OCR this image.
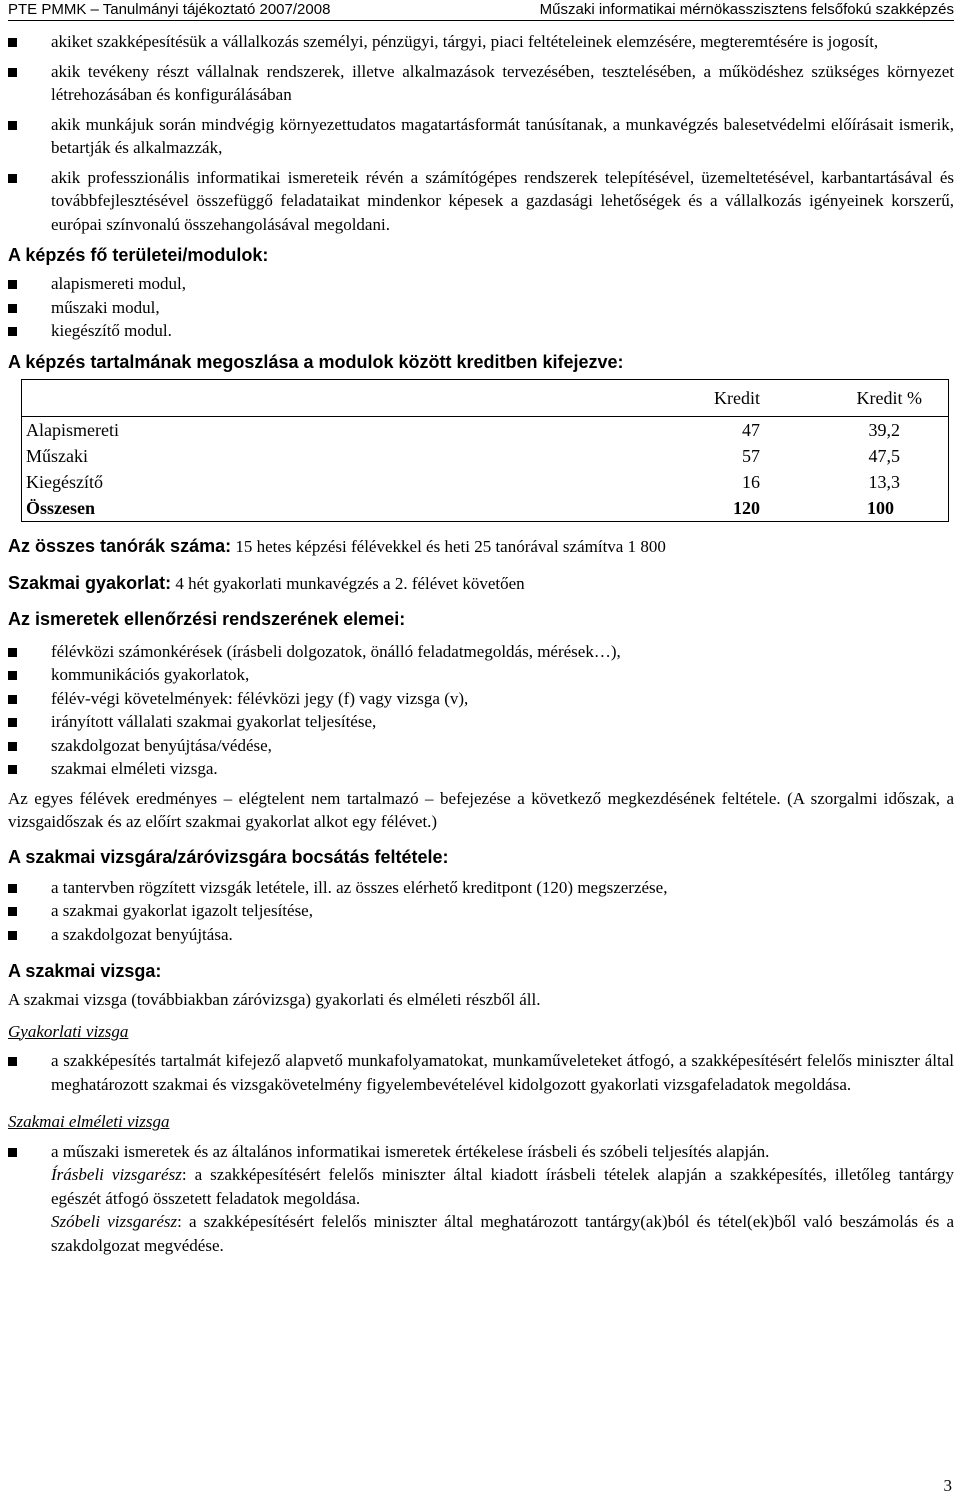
PTE PMMK – Tanulmányi tájékoztató 2007/2008	Műszaki informatikai mérnökasszisztens felsőfokú szakképzés
akiket szakképesítésük a vállalkozás személyi, pénzügyi, tárgyi, piaci feltételeinek elemzésére, megteremtésére is jogosít,
akik tevékeny részt vállalnak rendszerek, illetve alkalmazások tervezésében, tesztelésében, a működéshez szükséges környezet létrehozásában és konfigurálásában
akik munkájuk során mindvégig környezettudatos magatartásformát tanúsítanak, a munkavégzés balesetvédelmi előírásait ismerik, betartják és alkalmazzák,
akik professzionális informatikai ismereteik révén a számítógépes rendszerek telepítésével, üzemeltetésével, karbantartásával és továbbfejlesztésével összefüggő feladataikat mindenkor képesek a gazdasági lehetőségek és a vállalkozás igényeinek korszerű, európai színvonalú összehangolásával megoldani.
A képzés fő területei/modulok:
alapismereti modul,
műszaki modul,
kiegészítő modul.
A képzés tartalmának megoszlása a modulok között kreditben kifejezve:
	Kredit	Kredit %
Alapismereti	47	39,2
Műszaki	57	47,5
Kiegészítő	16	13,3
Összesen	120	100

Az összes tanórák száma: 15 hetes képzési félévekkel és heti 25 tanórával számítva 1 800

Szakmai gyakorlat: 4 hét gyakorlati munkavégzés a 2. félévet követően

Az ismeretek ellenőrzési rendszerének elemei:
félévközi számonkérések (írásbeli dolgozatok, önálló feladatmegoldás, mérések…),
kommunikációs gyakorlatok,
félév-végi követelmények: félévközi jegy (f) vagy vizsga (v),
irányított vállalati szakmai gyakorlat teljesítése,
szakdolgozat benyújtása/védése,
szakmai elméleti vizsga.

Az egyes félévek eredményes – elégtelent nem tartalmazó – befejezése a következő megkezdésének feltétele. (A szorgalmi időszak, a vizsgaidőszak és az előírt szakmai gyakorlat alkot egy félévet.)

A szakmai vizsgára/záróvizsgára bocsátás feltétele:
a tantervben rögzített vizsgák letétele, ill. az összes elérhető kreditpont (120) megszerzése,
a szakmai gyakorlat igazolt teljesítése,
a szakdolgozat benyújtása.
A szakmai vizsga:

A szakmai vizsga (továbbiakban záróvizsga) gyakorlati és elméleti részből áll.

Gyakorlati vizsga

a szakképesítés tartalmát kifejező alapvető munkafolyamatokat, munkaműveleteket átfogó, a szakképesítésért felelős miniszter által meghatározott szakmai és vizsgakövetelmény figyelembevételével kidolgozott gyakorlati vizsgafeladatok megoldása.

Szakmai elméleti vizsga

a műszaki ismeretek és az általános informatikai ismeretek értékelese írásbeli és szóbeli teljesítés alapján.

Írásbeli vizsgarész: a szakképesítésért felelős miniszter által kiadott írásbeli tételek alapján a szakképesítés, illetőleg tantárgy egészét átfogó összetett feladatok megoldása.

Szóbeli vizsgarész: a szakképesítésért felelős miniszter által meghatározott tantárgy(ak)ból és tétel(ek)ből való beszámolás és a szakdolgozat megvédése.

3
